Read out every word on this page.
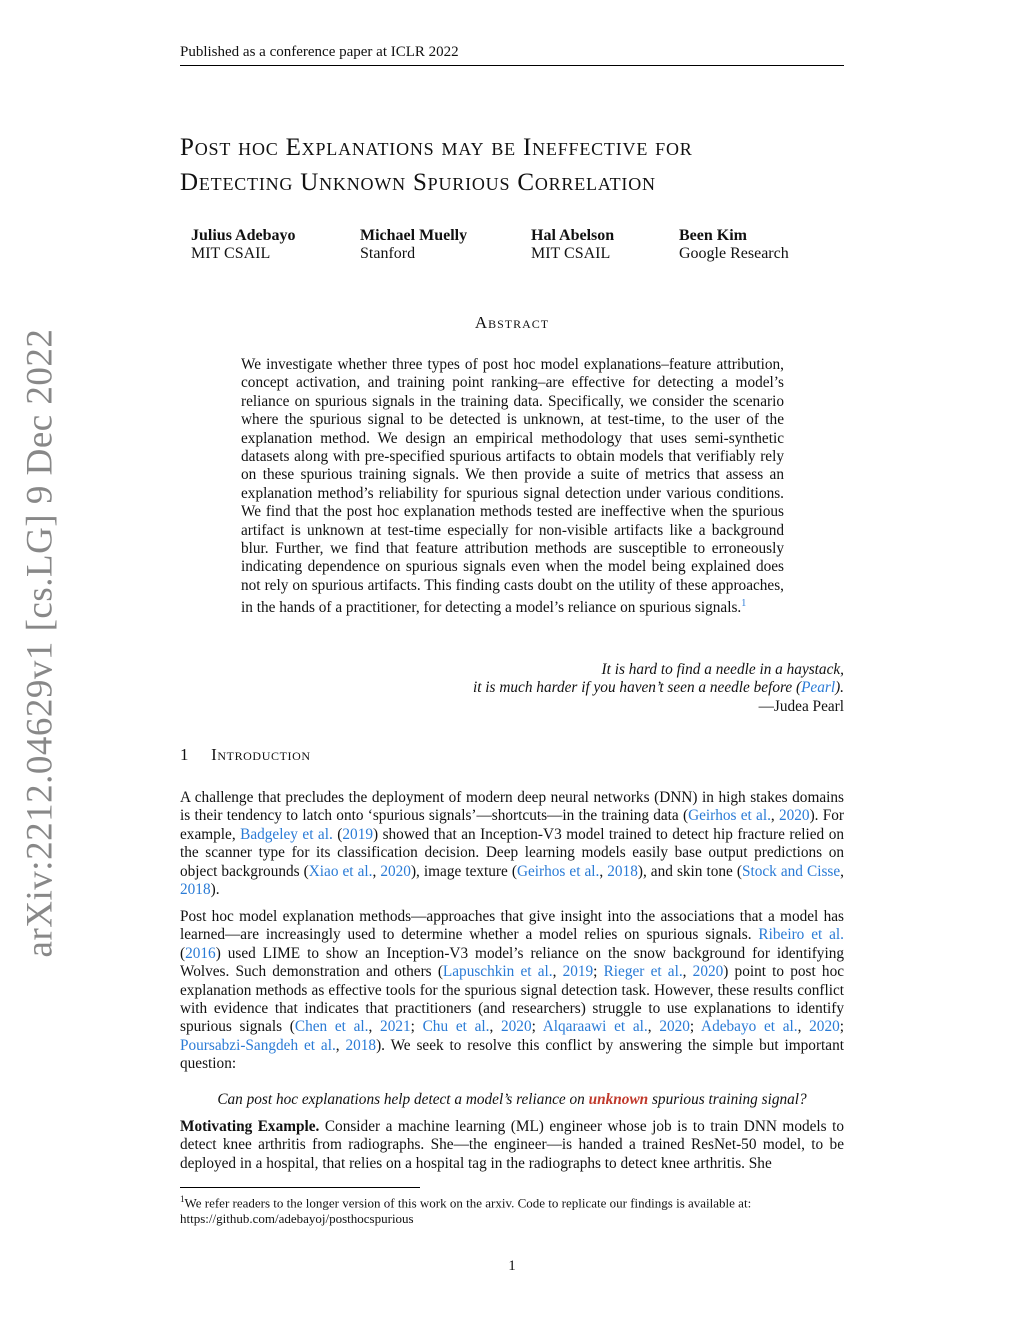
Published as a conference paper at ICLR 2022
arXiv:2212.04629v1 [cs.LG] 9 Dec 2022

Post hoc Explanations may be Ineffective for

Detecting Unknown Spurious Correlation

Julius Adebayo
MIT CSAIL
Michael Muelly
Stanford
Hal Abelson
MIT CSAIL
Been Kim
Google Research
Abstract

We investigate whether three types of post hoc model explanations–feature attribution, concept activation, and training point ranking–are effective for detecting a model’s reliance on spurious signals in the training data. Specifically, we consider the scenario where the spurious signal to be detected is unknown, at test-time, to the user of the explanation method. We design an empirical methodology that uses semi-synthetic datasets along with pre-specified spurious artifacts to obtain models that verifiably rely on these spurious training signals. We then provide a suite of metrics that assess an explanation method’s reliability for spurious signal detection under various conditions. We find that the post hoc explanation methods tested are ineffective when the spurious artifact is unknown at test-time especially for non-visible artifacts like a background blur. Further, we find that feature attribution methods are susceptible to erroneously indicating dependence on spurious signals even when the model being explained does not rely on spurious artifacts. This finding casts doubt on the utility of these approaches, in the hands of a practitioner, for detecting a model’s reliance on spurious signals.$^1$

It is hard to find a needle in a haystack,

it is much harder if you haven’t seen a needle before (Pearl).

—Judea Pearl

1 Introduction

A challenge that precludes the deployment of modern deep neural networks (DNN) in high stakes domains is their tendency to latch onto ‘spurious signals’—shortcuts—in the training data (Geirhos et al., 2020). For example, Badgeley et al. (2019) showed that an Inception-V3 model trained to detect hip fracture relied on the scanner type for its classification decision. Deep learning models easily base output predictions on object backgrounds (Xiao et al., 2020), image texture (Geirhos et al., 2018), and skin tone (Stock and Cisse, 2018).

Post hoc model explanation methods—approaches that give insight into the associations that a model has learned—are increasingly used to determine whether a model relies on spurious signals. Ribeiro et al. (2016) used LIME to show an Inception-V3 model’s reliance on the snow background for identifying Wolves. Such demonstration and others (Lapuschkin et al., 2019; Rieger et al., 2020) point to post hoc explanation methods as effective tools for the spurious signal detection task. However, these results conflict with evidence that indicates that practitioners (and researchers) struggle to use explanations to identify spurious signals (Chen et al., 2021; Chu et al., 2020; Alqaraawi et al., 2020; Adebayo et al., 2020; Poursabzi-Sangdeh et al., 2018). We seek to resolve this conflict by answering the simple but important question:

Can post hoc explanations help detect a model’s reliance on unknown spurious training signal?

Motivating Example. Consider a machine learning (ML) engineer whose job is to train DNN models to detect knee arthritis from radiographs. She—the engineer—is handed a trained ResNet-50 model, to be deployed in a hospital, that relies on a hospital tag in the radiographs to detect knee arthritis. She

$^1$We refer readers to the longer version of this work on the arxiv. Code to replicate our findings is available at: https://github.com/adebayoj/posthocspurious

1
